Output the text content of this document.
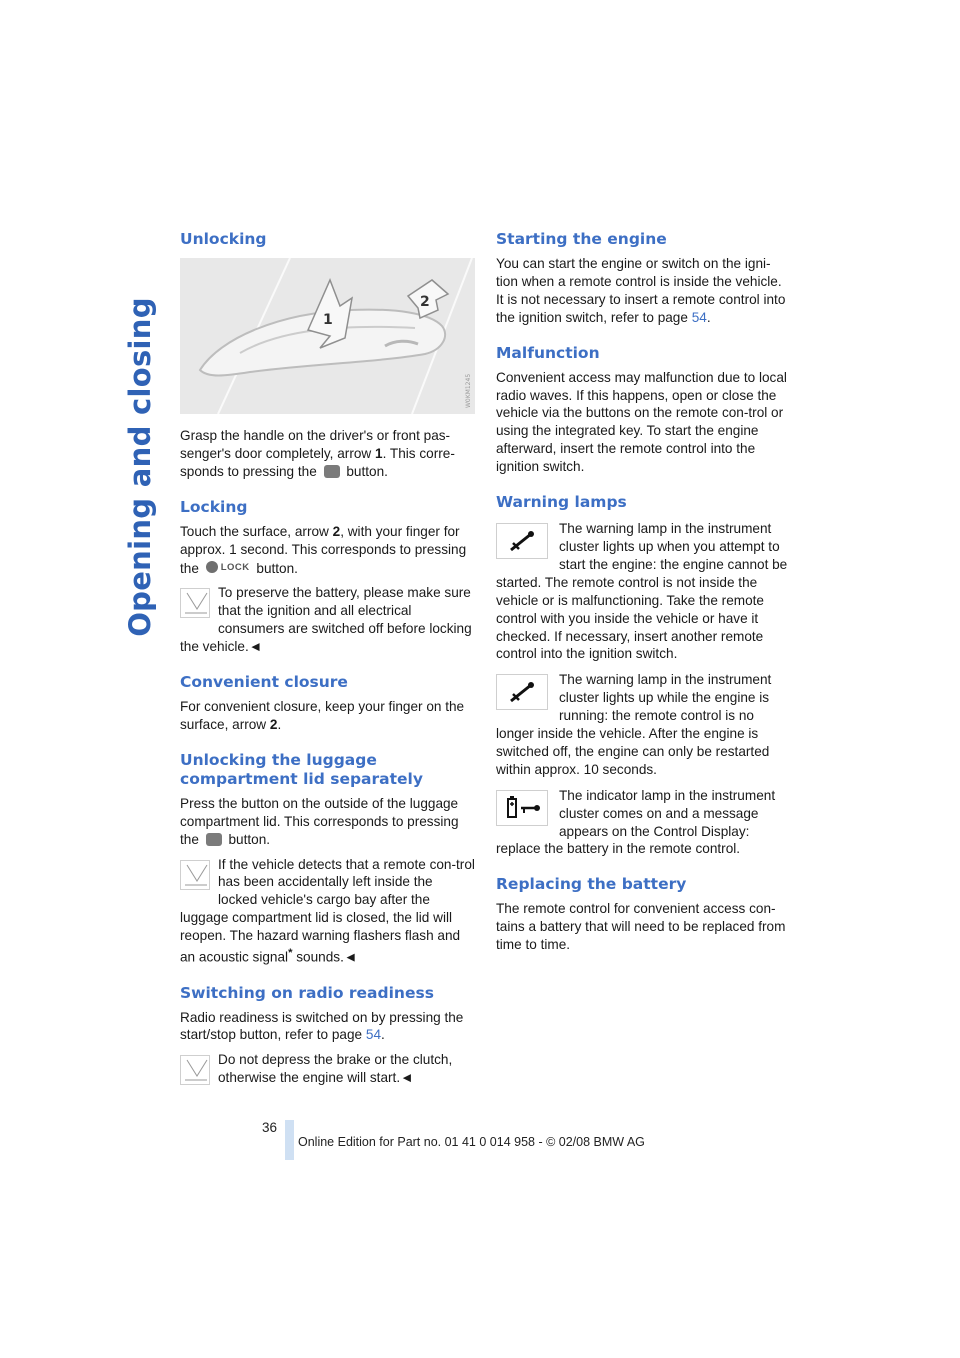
Opening and closing
Unlocking
1
2
W0KM1245

Grasp the handle on the driver's or front pas-senger's door completely, arrow 1. This corre-sponds to pressing the  button.

Locking

Touch the surface, arrow 2, with your finger for approx. 1 second. This corresponds to pressing the LOCK button.

To preserve the battery, please make sure that the ignition and all electrical consumers are switched off before locking the vehicle.◄

Convenient closure

For convenient closure, keep your finger on the surface, arrow 2.

Unlocking the luggage compartment lid separately

Press the button on the outside of the luggage compartment lid. This corresponds to pressing the  button.

If the vehicle detects that a remote con-trol has been accidentally left inside the locked vehicle's cargo bay after the luggage compartment lid is closed, the lid will reopen. The hazard warning flashers flash and an acoustic signal* sounds.◄

Switching on radio readiness

Radio readiness is switched on by pressing the start/stop button, refer to page 54.

Do not depress the brake or the clutch, otherwise the engine will start.◄

Starting the engine

You can start the engine or switch on the igni-tion when a remote control is inside the vehicle. It is not necessary to insert a remote control into the ignition switch, refer to page 54.

Malfunction

Convenient access may malfunction due to local radio waves. If this happens, open or close the vehicle via the buttons on the remote con-trol or using the integrated key. To start the engine afterward, insert the remote control into the ignition switch.

Warning lamps

The warning lamp in the instrument cluster lights up when you attempt to start the engine: the engine cannot be started. The remote control is not inside the vehicle or is malfunctioning. Take the remote control with you inside the vehicle or have it checked. If necessary, insert another remote control into the ignition switch.

The warning lamp in the instrument cluster lights up while the engine is running: the remote control is no longer inside the vehicle. After the engine is switched off, the engine can only be restarted within approx. 10 seconds.

The indicator lamp in the instrument cluster comes on and a message appears on the Control Display: replace the battery in the remote control.

Replacing the battery

The remote control for convenient access con-tains a battery that will need to be replaced from time to time.

36
Online Edition for Part no. 01 41 0 014 958 - © 02/08 BMW AG
